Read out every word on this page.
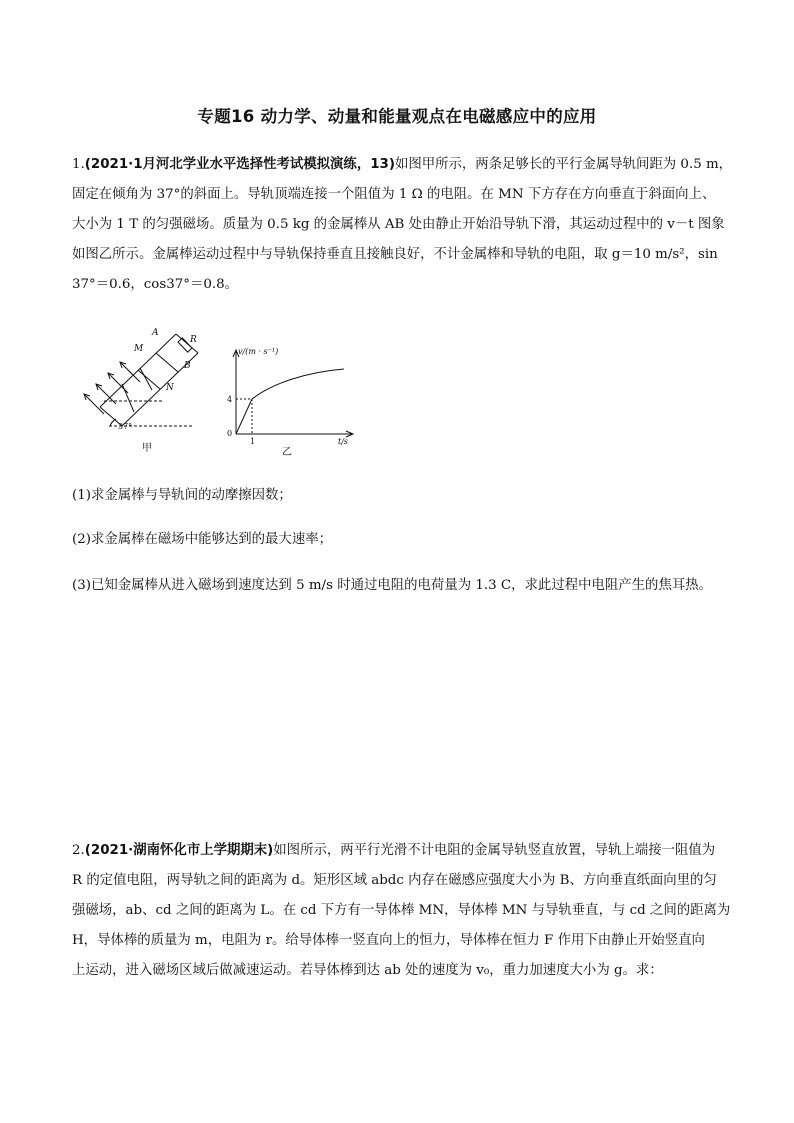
专题16 动力学、动量和能量观点在电磁感应中的应用
1.(2021·1月河北学业水平选择性考试模拟演练，13)如图甲所示，两条足够长的平行金属导轨间距为 0.5 m，
固定在倾角为 37°的斜面上。导轨顶端连接一个阻值为 1 Ω 的电阻。在 MN 下方存在方向垂直于斜面向上、
大小为 1 T 的匀强磁场。质量为 0.5 kg 的金属棒从 AB 处由静止开始沿导轨下滑，其运动过程中的 v－t 图象
如图乙所示。金属棒运动过程中与导轨保持垂直且接触良好，不计金属棒和导轨的电阻，取 g＝10 m/s²，sin
37°＝0.6，cos37°＝0.8。
A
R
M
B
N
37°
甲
v/(m · s⁻¹)
t/s
4
1
0
乙
(1)求金属棒与导轨间的动摩擦因数；
(2)求金属棒在磁场中能够达到的最大速率；
(3)已知金属棒从进入磁场到速度达到 5 m/s 时通过电阻的电荷量为 1.3 C，求此过程中电阻产生的焦耳热。
2.(2021·湖南怀化市上学期期末)如图所示，两平行光滑不计电阻的金属导轨竖直放置，导轨上端接一阻值为
R 的定值电阻，两导轨之间的距离为 d。矩形区域 abdc 内存在磁感应强度大小为 B、方向垂直纸面向里的匀
强磁场，ab、cd 之间的距离为 L。在 cd 下方有一导体棒 MN，导体棒 MN 与导轨垂直，与 cd 之间的距离为
H，导体棒的质量为 m，电阻为 r。给导体棒一竖直向上的恒力，导体棒在恒力 F 作用下由静止开始竖直向
上运动，进入磁场区域后做减速运动。若导体棒到达 ab 处的速度为 v₀，重力加速度大小为 g。求：
